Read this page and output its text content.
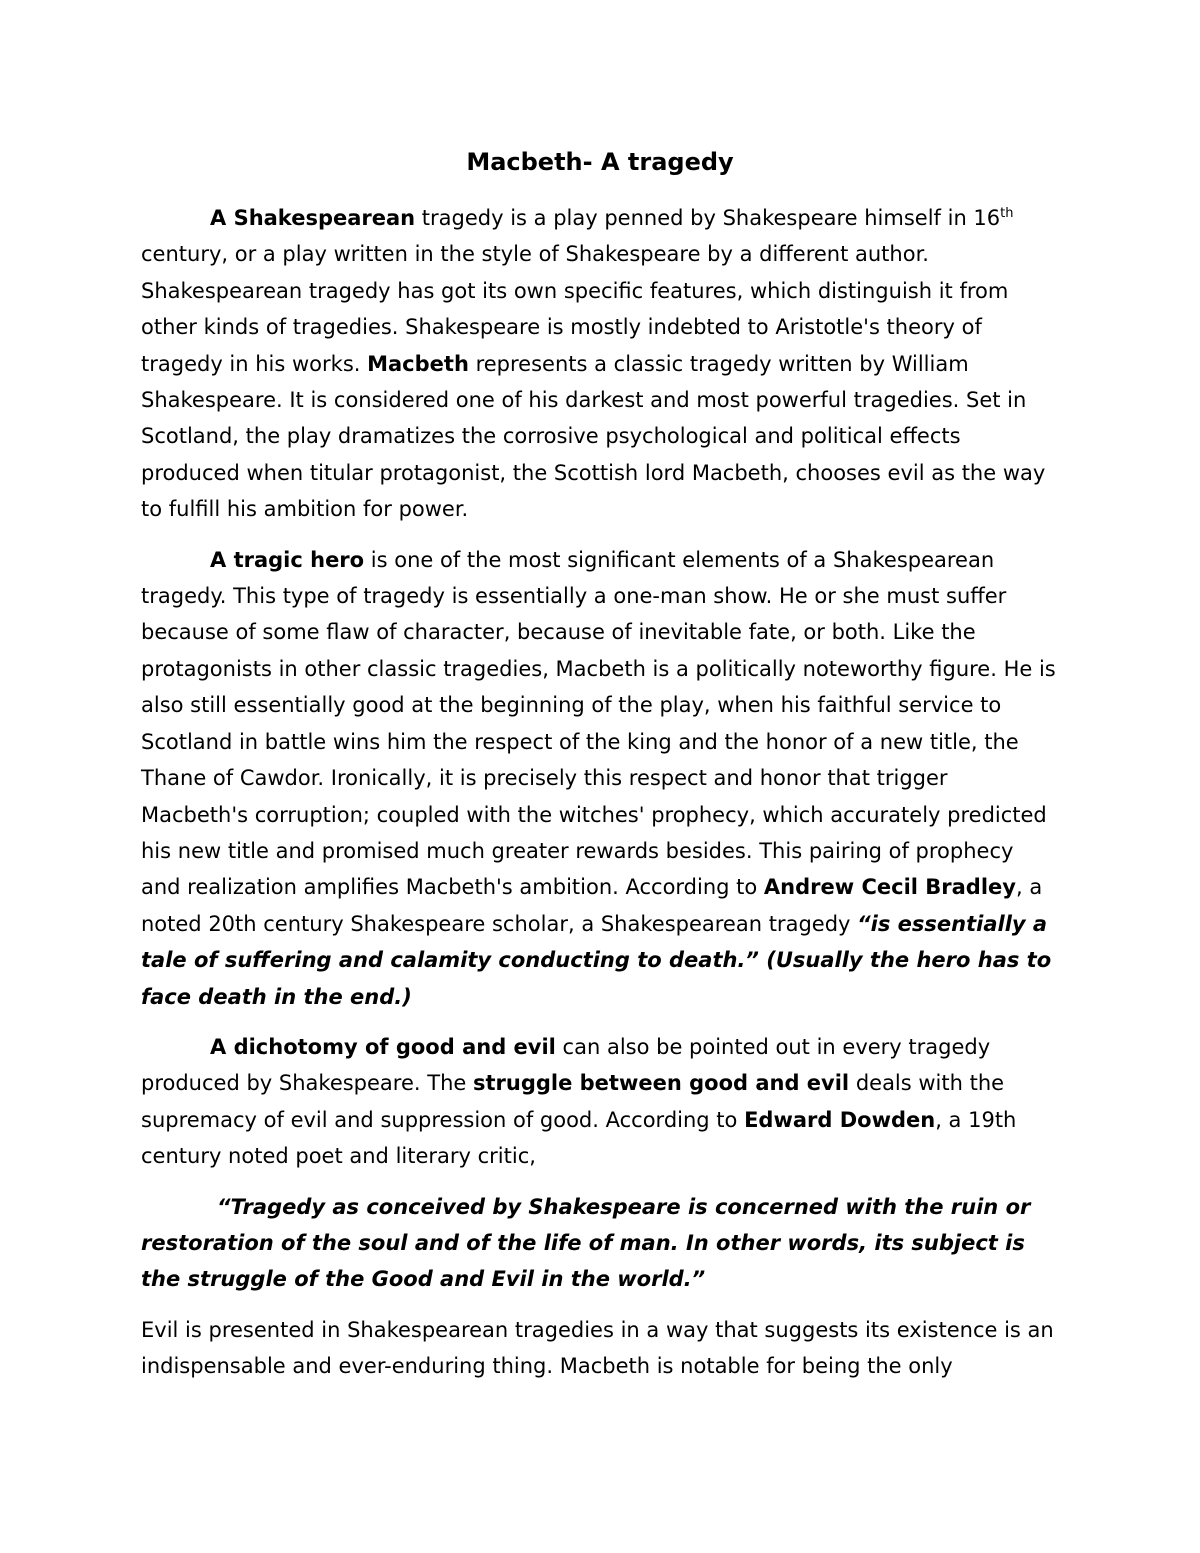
Macbeth- A tragedy

A Shakespearean tragedy is a play penned by Shakespeare himself in 16th century, or a play written in the style of Shakespeare by a different author. Shakespearean tragedy has got its own specific features, which distinguish it from other kinds of tragedies. Shakespeare is mostly indebted to Aristotle's theory of tragedy in his works. Macbeth represents a classic tragedy written by William Shakespeare. It is considered one of his darkest and most powerful tragedies. Set in Scotland, the play dramatizes the corrosive psychological and political effects produced when titular protagonist, the Scottish lord Macbeth, chooses evil as the way to fulfill his ambition for power.

A tragic hero is one of the most significant elements of a Shakespearean tragedy. This type of tragedy is essentially a one-man show. He or she must suffer because of some flaw of character, because of inevitable fate, or both. Like the protagonists in other classic tragedies, Macbeth is a politically noteworthy figure. He is also still essentially good at the beginning of the play, when his faithful service to Scotland in battle wins him the respect of the king and the honor of a new title, the Thane of Cawdor. Ironically, it is precisely this respect and honor that trigger Macbeth's corruption; coupled with the witches' prophecy, which accurately predicted his new title and promised much greater rewards besides. This pairing of prophecy and realization amplifies Macbeth's ambition. According to Andrew Cecil Bradley, a noted 20th century Shakespeare scholar, a Shakespearean tragedy “is essentially a tale of suffering and calamity conducting to death.” (Usually the hero has to face death in the end.)

A dichotomy of good and evil can also be pointed out in every tragedy produced by Shakespeare. The struggle between good and evil deals with the supremacy of evil and suppression of good. According to Edward Dowden, a 19th century noted poet and literary critic,

“Tragedy as conceived by Shakespeare is concerned with the ruin or restoration of the soul and of the life of man. In other words, its subject is the struggle of the Good and Evil in the world.”

Evil is presented in Shakespearean tragedies in a way that suggests its existence is an indispensable and ever-enduring thing. Macbeth is notable for being the only
